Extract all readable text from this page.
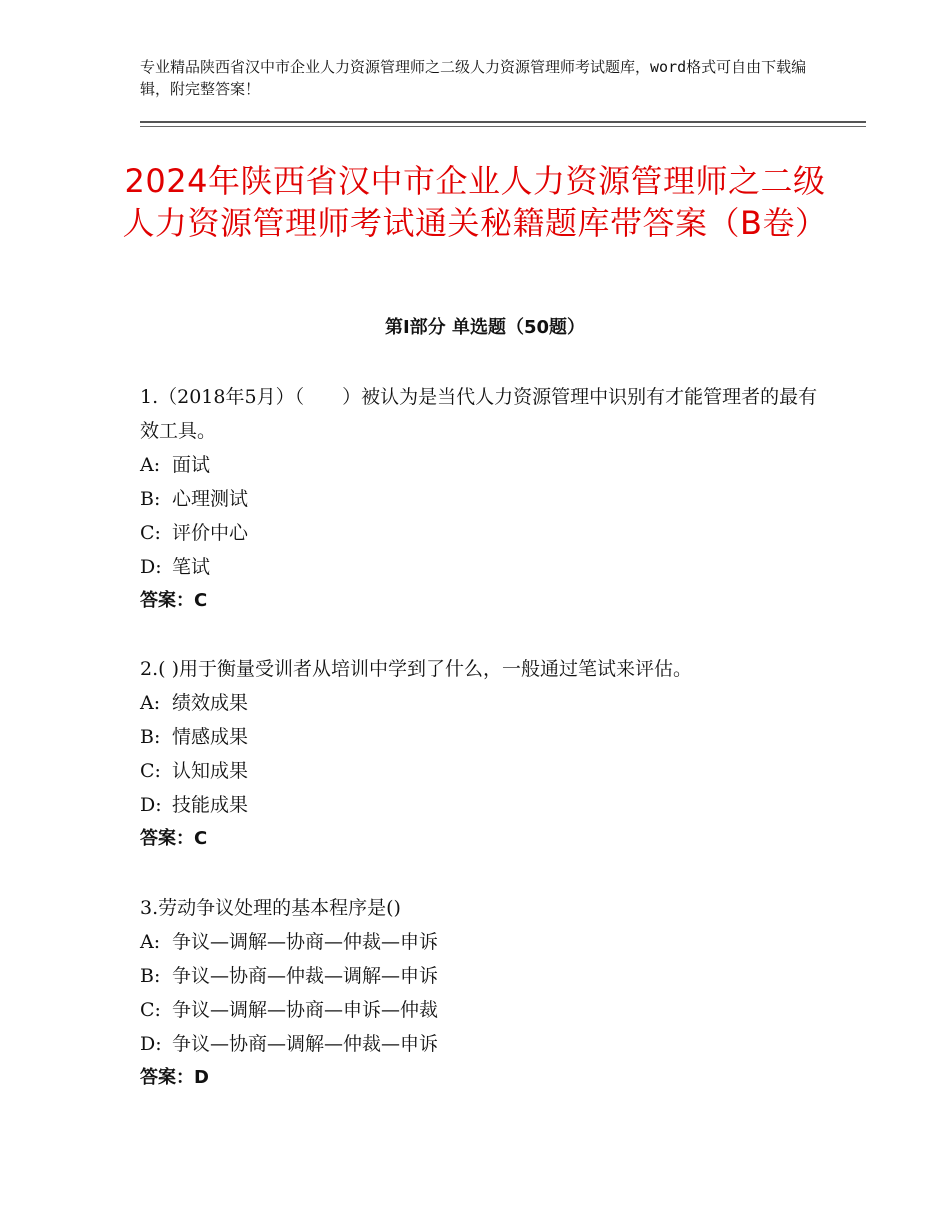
专业精品陕西省汉中市企业人力资源管理师之二级人力资源管理师考试题库，word格式可自由下载编辑，附完整答案！
2024年陕西省汉中市企业人力资源管理师之二级人力资源管理师考试通关秘籍题库带答案（B卷）
第Ⅰ部分 单选题（50题）

1.（2018年5月）（　　）被认为是当代人力资源管理中识别有才能管理者的最有效工具。

A: 面试

B: 心理测试

C: 评价中心

D: 笔试

答案：C

2.( )用于衡量受训者从培训中学到了什么，一般通过笔试来评估。

A: 绩效成果

B: 情感成果

C: 认知成果

D: 技能成果

答案：C

3.劳动争议处理的基本程序是()

A: 争议—调解—协商—仲裁—申诉

B: 争议—协商—仲裁—调解—申诉

C: 争议—调解—协商—申诉—仲裁

D: 争议—协商—调解—仲裁—申诉

答案：D
